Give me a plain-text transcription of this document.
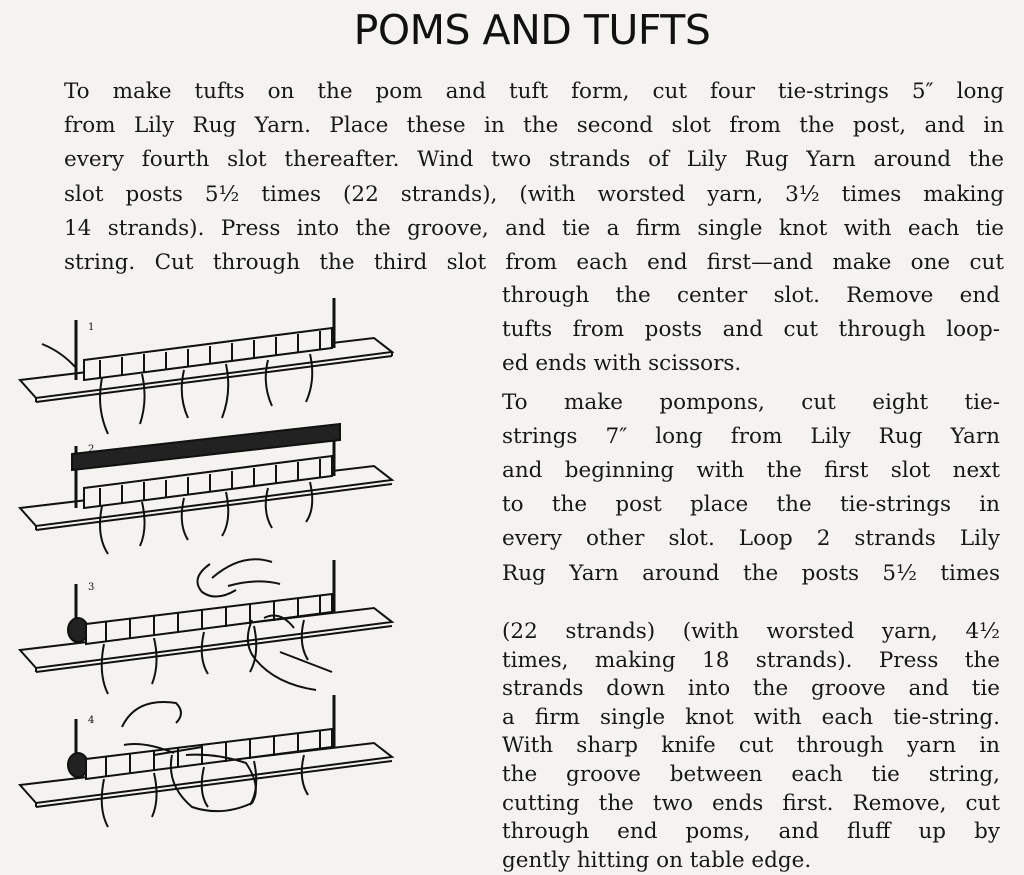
POMS AND TUFTS
To make tufts on the pom and tuft form, cut four tie-strings 5″ long
from Lily Rug Yarn. Place these in the second slot from the post, and in
every fourth slot thereafter. Wind two strands of Lily Rug Yarn around the
slot posts 5½ times (22 strands), (with worsted yarn, 3½ times making
14 strands). Press into the groove, and tie a firm single knot with each tie
string. Cut through the third slot from each end first—and make one cut
through the center slot. Remove end
tufts from posts and cut through loop-
ed ends with scissors.
To make pompons, cut eight tie-
strings 7″ long from Lily Rug Yarn
and beginning with the first slot next
to the post place the tie-strings in
every other slot. Loop 2 strands Lily
Rug Yarn around the posts 5½ times
(22 strands) (with worsted yarn, 4½
times, making 18 strands). Press the
strands down into the groove and tie
a firm single knot with each tie-string.
With sharp knife cut through yarn in
the groove between each tie string,
cutting the two ends first. Remove, cut
through end poms, and fluff up by
gently hitting on table edge.
1
2
3
4
